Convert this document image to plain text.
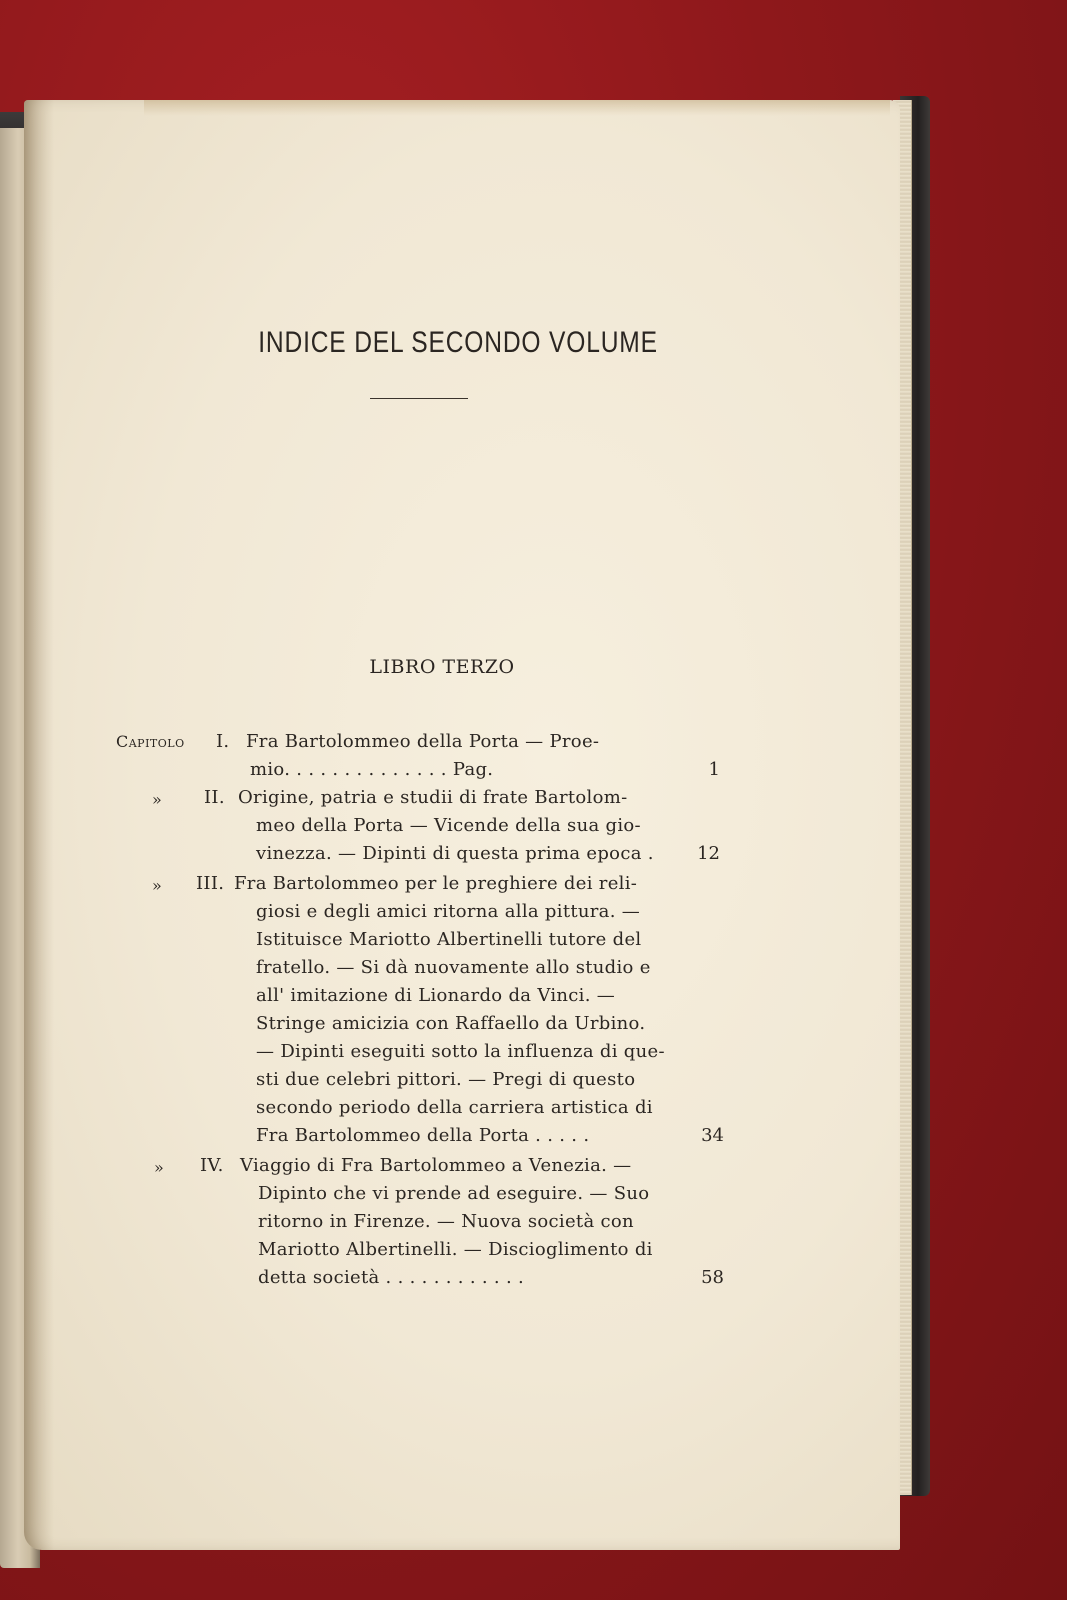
INDICE DEL SECONDO VOLUME
LIBRO TERZO
Capitolo I. Fra Bartolommeo della Porta — Proe-
mio. . . . . . . . . . . . . . Pag.	1
» II. Origine, patria e studii di frate Bartolom-
meo della Porta — Vicende della sua gio-
vinezza. — Dipinti di questa prima epoca .	12
» III. Fra Bartolommeo per le preghiere dei reli-
giosi e degli amici ritorna alla pittura. —
Istituisce Mariotto Albertinelli tutore del
fratello. — Si dà nuovamente allo studio e
all' imitazione di Lionardo da Vinci. —
Stringe amicizia con Raffaello da Urbino.
— Dipinti eseguiti sotto la influenza di que-
sti due celebri pittori. — Pregi di questo
secondo periodo della carriera artistica di
Fra Bartolommeo della Porta . . . . .	34
» IV. Viaggio di Fra Bartolommeo a Venezia. —
Dipinto che vi prende ad eseguire. — Suo
ritorno in Firenze. — Nuova società con
Mariotto Albertinelli. — Discioglimento di
detta società . . . . . . . . . . . .	58
